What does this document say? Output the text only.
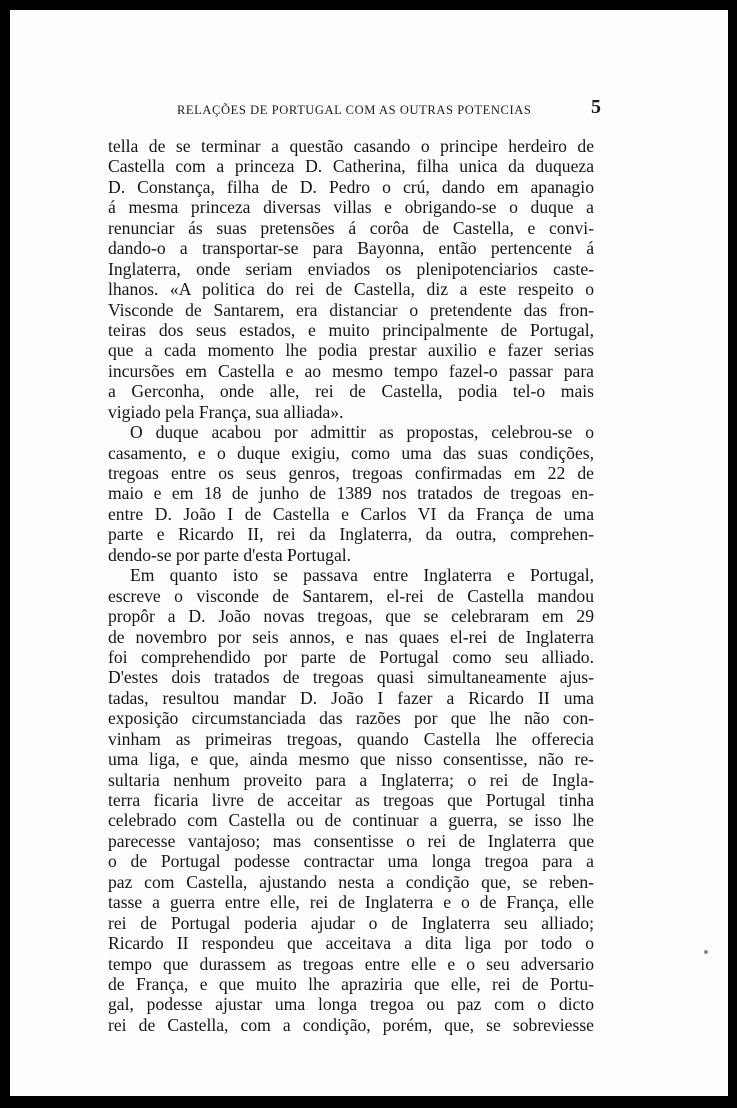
RELAÇÕES DE PORTUGAL COM AS OUTRAS POTENCIAS	5
tella de se terminar a questão casando o principe herdeiro de
Castella com a princeza D. Catherina, filha unica da duqueza
D. Constança, filha de D. Pedro o crú, dando em apanagio
á mesma princeza diversas villas e obrigando-se o duque a
renunciar ás suas pretensões á corôa de Castella, e convi-
dando-o a transportar-se para Bayonna, então pertencente á
Inglaterra, onde seriam enviados os plenipotenciarios caste-
lhanos. «A politica do rei de Castella, diz a este respeito o
Visconde de Santarem, era distanciar o pretendente das fron-
teiras dos seus estados, e muito principalmente de Portugal,
que a cada momento lhe podia prestar auxilio e fazer serias
incursões em Castella e ao mesmo tempo fazel-o passar para
a Gerconha, onde alle, rei de Castella, podia tel-o mais
vigiado pela França, sua alliada».
O duque acabou por admittir as propostas, celebrou-se o
casamento, e o duque exigiu, como uma das suas condições,
tregoas entre os seus genros, tregoas confirmadas em 22 de
maio e em 18 de junho de 1389 nos tratados de tregoas en-
entre D. João I de Castella e Carlos VI da França de uma
parte e Ricardo II, rei da Inglaterra, da outra, comprehen-
dendo-se por parte d'esta Portugal.
Em quanto isto se passava entre Inglaterra e Portugal,
escreve o visconde de Santarem, el-rei de Castella mandou
propôr a D. João novas tregoas, que se celebraram em 29
de novembro por seis annos, e nas quaes el-rei de Inglaterra
foi comprehendido por parte de Portugal como seu alliado.
D'estes dois tratados de tregoas quasi simultaneamente ajus-
tadas, resultou mandar D. João I fazer a Ricardo II uma
exposição circumstanciada das razões por que lhe não con-
vinham as primeiras tregoas, quando Castella lhe offerecia
uma liga, e que, ainda mesmo que nisso consentisse, não re-
sultaria nenhum proveito para a Inglaterra; o rei de Ingla-
terra ficaria livre de acceitar as tregoas que Portugal tinha
celebrado com Castella ou de continuar a guerra, se isso lhe
parecesse vantajoso; mas consentisse o rei de Inglaterra que
o de Portugal podesse contractar uma longa tregoa para a
paz com Castella, ajustando nesta a condição que, se reben-
tasse a guerra entre elle, rei de Inglaterra e o de França, elle
rei de Portugal poderia ajudar o de Inglaterra seu alliado;
Ricardo II respondeu que acceitava a dita liga por todo o
tempo que durassem as tregoas entre elle e o seu adversario
de França, e que muito lhe apraziria que elle, rei de Portu-
gal, podesse ajustar uma longa tregoa ou paz com o dicto
rei de Castella, com a condição, porém, que, se sobreviesse
